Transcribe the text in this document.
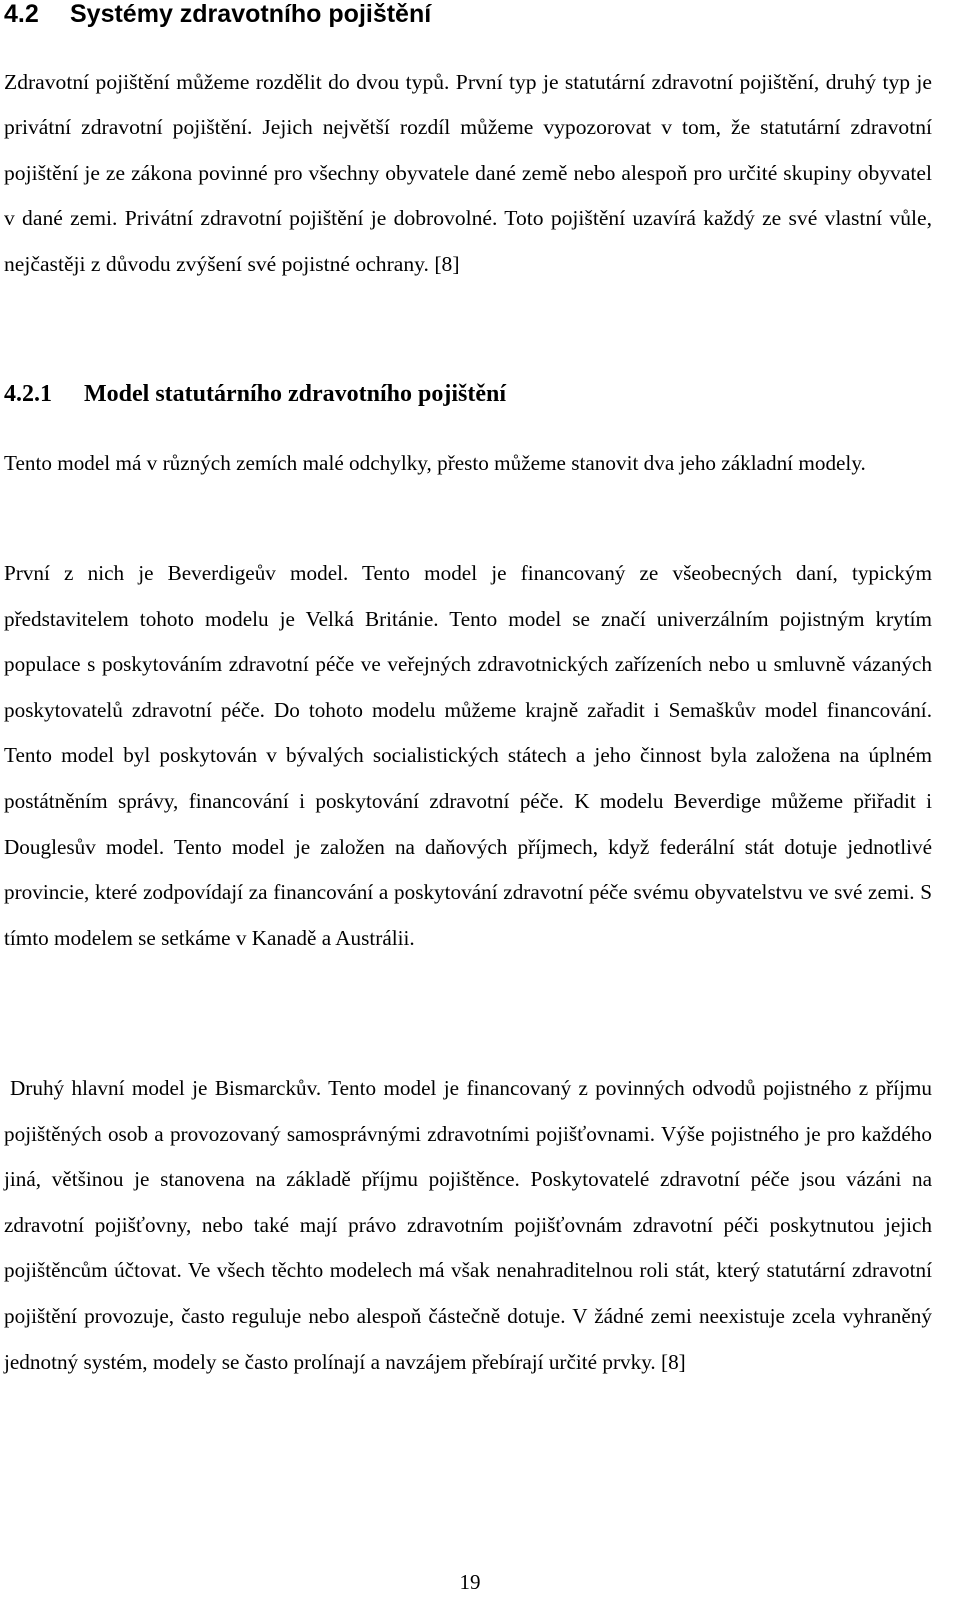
4.2 Systémy zdravotního pojištění

Zdravotní pojištění můžeme rozdělit do dvou typů. První typ je statutární zdravotní pojištění, druhý typ je privátní zdravotní pojištění. Jejich největší rozdíl můžeme vypozorovat v tom, že statutární zdravotní pojištění je ze zákona povinné pro všechny obyvatele dané země nebo alespoň pro určité skupiny obyvatel v dané zemi. Privátní zdravotní pojištění je dobrovolné. Toto pojištění uzavírá každý ze své vlastní vůle, nejčastěji z důvodu zvýšení své pojistné ochrany. [8]

4.2.1 Model statutárního zdravotního pojištění

Tento model má v různých zemích malé odchylky, přesto můžeme stanovit dva jeho základní modely.

První z nich je Beverdigeův model. Tento model je financovaný ze všeobecných daní, typickým představitelem tohoto modelu je Velká Británie. Tento model se značí univerzálním pojistným krytím populace s poskytováním zdravotní péče ve veřejných zdravotnických zařízeních nebo u smluvně vázaných poskytovatelů zdravotní péče. Do tohoto modelu můžeme krajně zařadit i Semaškův model financování. Tento model byl poskytován v bývalých socialistických státech a jeho činnost byla založena na úplném postátněním správy, financování i poskytování zdravotní péče. K modelu Beverdige můžeme přiřadit i Douglesův model. Tento model je založen na daňových příjmech, když federální stát dotuje jednotlivé provincie, které zodpovídají za financování a poskytování zdravotní péče svému obyvatelstvu ve své zemi. S tímto modelem se setkáme v Kanadě a Austrálii.

Druhý hlavní model je Bismarckův. Tento model je financovaný z povinných odvodů pojistného z příjmu pojištěných osob a provozovaný samosprávnými zdravotními pojišťovnami. Výše pojistného je pro každého jiná, většinou je stanovena na základě příjmu pojištěnce. Poskytovatelé zdravotní péče jsou vázáni na zdravotní pojišťovny, nebo také mají právo zdravotním pojišťovnám zdravotní péči poskytnutou jejich pojištěncům účtovat. Ve všech těchto modelech má však nenahraditelnou roli stát, který statutární zdravotní pojištění provozuje, často reguluje nebo alespoň částečně dotuje. V žádné zemi neexistuje zcela vyhraněný jednotný systém, modely se často prolínají a navzájem přebírají určité prvky. [8]

19
